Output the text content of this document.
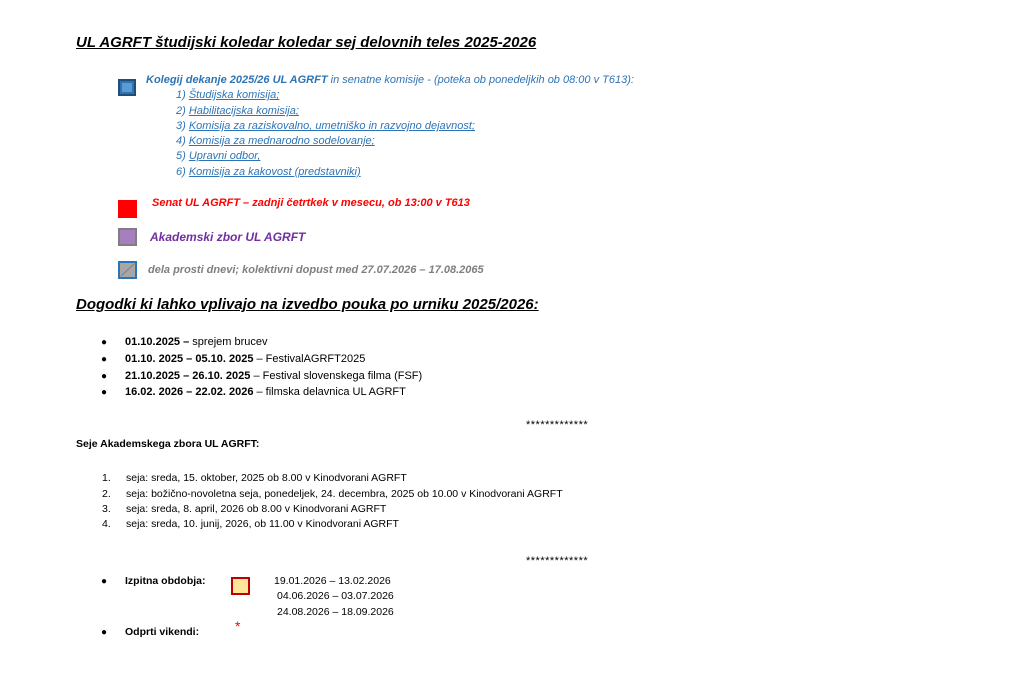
UL AGRFT študijski koledar koledar sej delovnih teles 2025-2026
Kolegij dekanje 2025/26 UL AGRFT in senatne komisije - (poteka ob ponedeljkih ob 08:00 v T613):
1) Študijska komisija;
2) Habilitacijska komisija;
3) Komisija za raziskovalno, umetniško in razvojno dejavnost;
4) Komisija za mednarodno sodelovanje;
5) Upravni odbor,
6) Komisija za kakovost (predstavniki)
Senat UL AGRFT – zadnji četrtkek v mesecu, ob 13:00 v T613
Akademski zbor UL AGRFT
dela prosti dnevi; kolektivni dopust med 27.07.2026 – 17.08.2065
Dogodki ki lahko vplivajo na izvedbo pouka po urniku 2025/2026:
● 01.10.2025 – sprejem brucev
● 01.10. 2025 – 05.10. 2025 – FestivalAGRFT2025
● 21.10.2025 – 26.10. 2025 – Festival slovenskega filma (FSF)
● 16.02. 2026 – 22.02. 2026 – filmska delavnica UL AGRFT
*************
Seje Akademskega zbora UL AGRFT:
1. seja: sreda, 15. oktober, 2025 ob 8.00 v Kinodvorani AGRFT
2. seja: božično-novoletna seja, ponedeljek, 24. decembra, 2025 ob 10.00 v Kinodvorani AGRFT
3. seja: sreda, 8. april, 2026 ob 8.00 v Kinodvorani AGRFT
4. seja: sreda, 10. junij, 2026, ob 11.00 v Kinodvorani AGRFT
*************
● Izpitna obdobja:	19.01.2026 – 13.02.2026
04.06.2026 – 03.07.2026
24.08.2026 – 18.09.2026
● Odprti vikendi:	*
